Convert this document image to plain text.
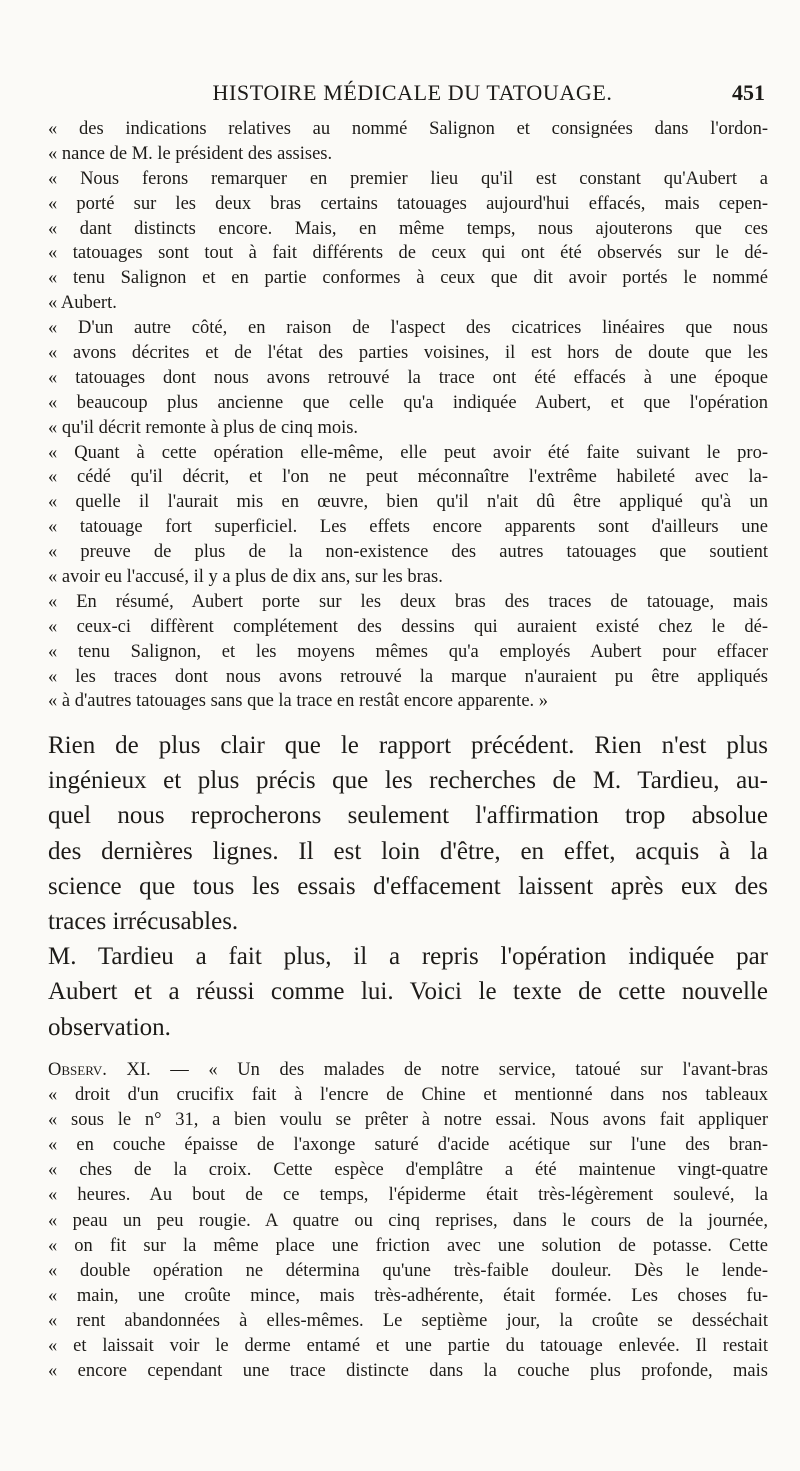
HISTOIRE MÉDICALE DU TATOUAGE.	451
« des indications relatives au nommé Salignon et consignées dans l'ordon-
« nance de M. le président des assises.
« Nous ferons remarquer en premier lieu qu'il est constant qu'Aubert a
« porté sur les deux bras certains tatouages aujourd'hui effacés, mais cepen-
« dant distincts encore. Mais, en même temps, nous ajouterons que ces
« tatouages sont tout à fait différents de ceux qui ont été observés sur le dé-
« tenu Salignon et en partie conformes à ceux que dit avoir portés le nommé
« Aubert.
« D'un autre côté, en raison de l'aspect des cicatrices linéaires que nous
« avons décrites et de l'état des parties voisines, il est hors de doute que les
« tatouages dont nous avons retrouvé la trace ont été effacés à une époque
« beaucoup plus ancienne que celle qu'a indiquée Aubert, et que l'opération
« qu'il décrit remonte à plus de cinq mois.
« Quant à cette opération elle-même, elle peut avoir été faite suivant le pro-
« cédé qu'il décrit, et l'on ne peut méconnaître l'extrême habileté avec la-
« quelle il l'aurait mis en œuvre, bien qu'il n'ait dû être appliqué qu'à un
« tatouage fort superficiel. Les effets encore apparents sont d'ailleurs une
« preuve de plus de la non-existence des autres tatouages que soutient
« avoir eu l'accusé, il y a plus de dix ans, sur les bras.
« En résumé, Aubert porte sur les deux bras des traces de tatouage, mais
« ceux-ci diffèrent complétement des dessins qui auraient existé chez le dé-
« tenu Salignon, et les moyens mêmes qu'a employés Aubert pour effacer
« les traces dont nous avons retrouvé la marque n'auraient pu être appliqués
« à d'autres tatouages sans que la trace en restât encore apparente. »
Rien de plus clair que le rapport précédent. Rien n'est plus
ingénieux et plus précis que les recherches de M. Tardieu, au-
quel nous reprocherons seulement l'affirmation trop absolue
des dernières lignes. Il est loin d'être, en effet, acquis à la
science que tous les essais d'effacement laissent après eux des
traces irrécusables.
M. Tardieu a fait plus, il a repris l'opération indiquée par
Aubert et a réussi comme lui. Voici le texte de cette nouvelle
observation.
Observ. XI. — « Un des malades de notre service, tatoué sur l'avant-bras
« droit d'un crucifix fait à l'encre de Chine et mentionné dans nos tableaux
« sous le n° 31, a bien voulu se prêter à notre essai. Nous avons fait appliquer
« en couche épaisse de l'axonge saturé d'acide acétique sur l'une des bran-
« ches de la croix. Cette espèce d'emplâtre a été maintenue vingt-quatre
« heures. Au bout de ce temps, l'épiderme était très-légèrement soulevé, la
« peau un peu rougie. A quatre ou cinq reprises, dans le cours de la journée,
« on fit sur la même place une friction avec une solution de potasse. Cette
« double opération ne détermina qu'une très-faible douleur. Dès le lende-
« main, une croûte mince, mais très-adhérente, était formée. Les choses fu-
« rent abandonnées à elles-mêmes. Le septième jour, la croûte se desséchait
« et laissait voir le derme entamé et une partie du tatouage enlevée. Il restait
« encore cependant une trace distincte dans la couche plus profonde, mais
